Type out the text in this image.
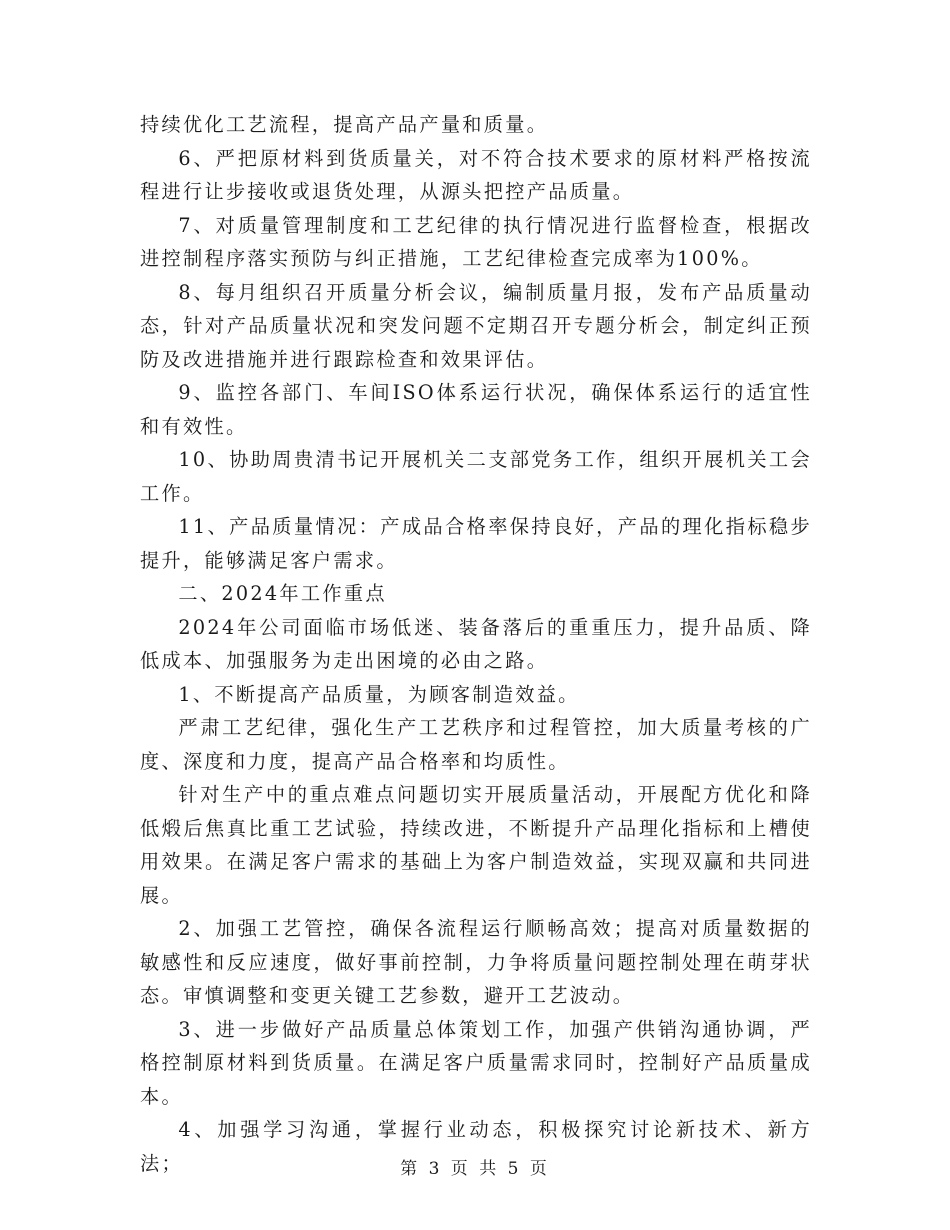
持续优化工艺流程，提高产品产量和质量。

6、严把原材料到货质量关，对不符合技术要求的原材料严格按流程进行让步接收或退货处理，从源头把控产品质量。

7、对质量管理制度和工艺纪律的执行情况进行监督检查，根据改进控制程序落实预防与纠正措施，工艺纪律检查完成率为100%。

8、每月组织召开质量分析会议，编制质量月报，发布产品质量动态，针对产品质量状况和突发问题不定期召开专题分析会，制定纠正预防及改进措施并进行跟踪检查和效果评估。

9、监控各部门、车间ISO体系运行状况，确保体系运行的适宜性和有效性。

10、协助周贵清书记开展机关二支部党务工作，组织开展机关工会工作。

11、产品质量情况：产成品合格率保持良好，产品的理化指标稳步提升，能够满足客户需求。

二、2024年工作重点

2024年公司面临市场低迷、装备落后的重重压力，提升品质、降低成本、加强服务为走出困境的必由之路。

1、不断提高产品质量，为顾客制造效益。

严肃工艺纪律，强化生产工艺秩序和过程管控，加大质量考核的广度、深度和力度，提高产品合格率和均质性。

针对生产中的重点难点问题切实开展质量活动，开展配方优化和降低煅后焦真比重工艺试验，持续改进，不断提升产品理化指标和上槽使用效果。在满足客户需求的基础上为客户制造效益，实现双赢和共同进展。

2、加强工艺管控，确保各流程运行顺畅高效；提高对质量数据的敏感性和反应速度，做好事前控制，力争将质量问题控制处理在萌芽状态。审慎调整和变更关键工艺参数，避开工艺波动。

3、进一步做好产品质量总体策划工作，加强产供销沟通协调，严格控制原材料到货质量。在满足客户质量需求同时，控制好产品质量成本。

4、加强学习沟通，掌握行业动态，积极探究讨论新技术、新方法；	第 3 页 共 5 页
